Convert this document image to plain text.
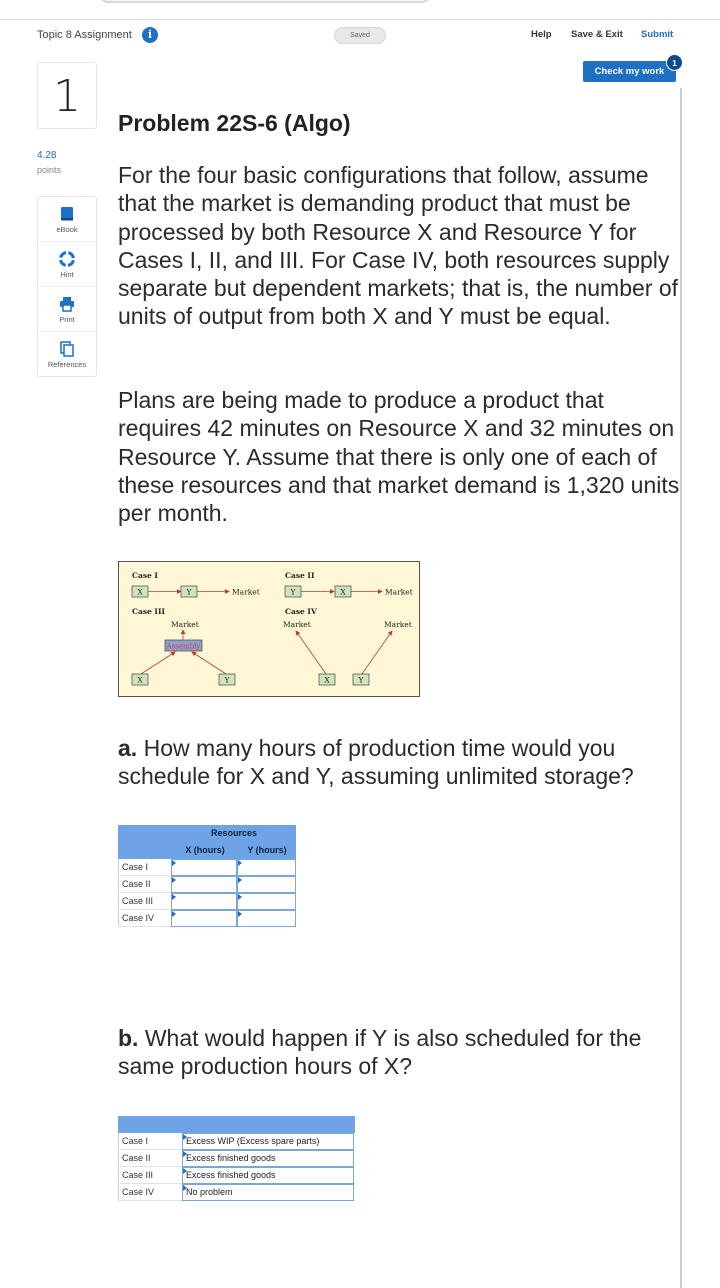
Topic 8 Assignment	i	Saved	Help Save & Exit Submit
Check my work
1
1
4.28
points
eBook
Hint
Print
References
Problem 22S-6 (Algo)

For the four basic configurations that follow, assume that the market is demanding product that must be processed by both Resource X and Resource Y for Cases I, II, and III. For Case IV, both resources supply separate but dependent markets; that is, the number of units of output from both X and Y must be equal.

Plans are being made to produce a product that requires 42 minutes on Resource X and 32 minutes on Resource Y. Assume that there is only one of each of these resources and that market demand is 1,320 units per month.

Case I
X	Y	Market
Case II
Y	X	Market
Case III
Market
Assembly
X	Y
Case IV
Market	Market
X	Y

a. How many hours of production time would you schedule for X and Y, assuming unlimited storage?

Resources
X (hours)	Y (hours)
Case I
Case II
Case III
Case IV

b. What would happen if Y is also scheduled for the same production hours of X?

Case I	Excess WIP (Excess spare parts)
Case II	Excess finished goods
Case III	Excess finished goods
Case IV	No problem
